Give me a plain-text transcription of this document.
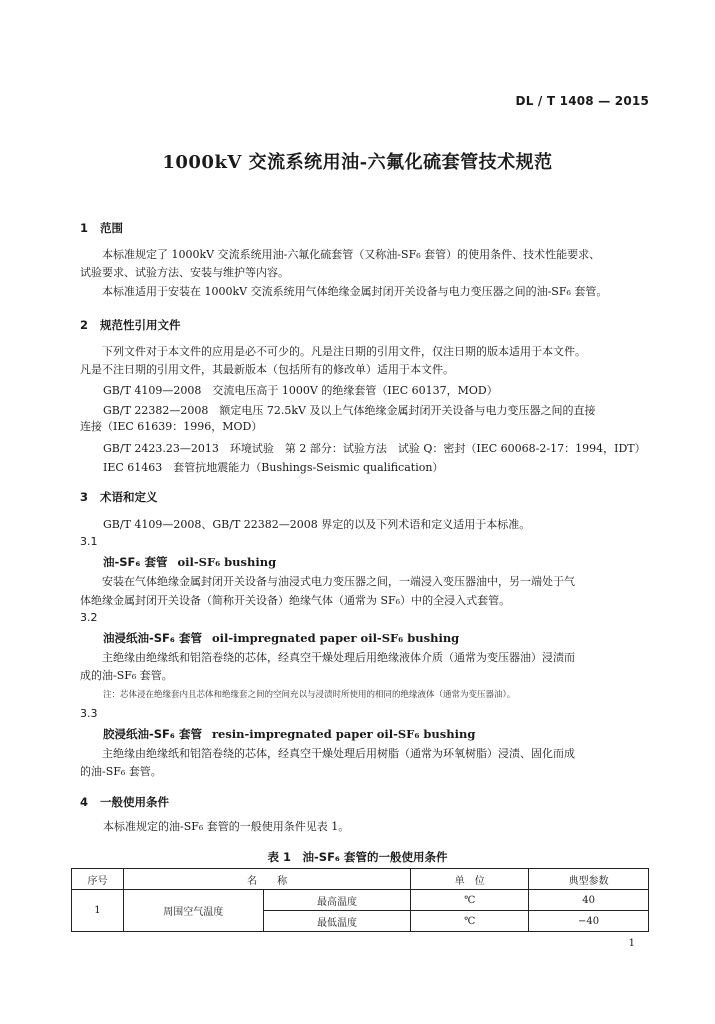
DL / T 1408 — 2015
1000kV 交流系统用油-六氟化硫套管技术规范
1 范围
本标准规定了 1000kV 交流系统用油-六氟化硫套管（又称油-SF₆ 套管）的使用条件、技术性能要求、
试验要求、试验方法、安装与维护等内容。
本标准适用于安装在 1000kV 交流系统用气体绝缘金属封闭开关设备与电力变压器之间的油-SF₆ 套管。
2 规范性引用文件
下列文件对于本文件的应用是必不可少的。凡是注日期的引用文件，仅注日期的版本适用于本文件。
凡是不注日期的引用文件，其最新版本（包括所有的修改单）适用于本文件。
GB/T 4109—2008　交流电压高于 1000V 的绝缘套管（IEC 60137，MOD）
GB/T 22382—2008　额定电压 72.5kV 及以上气体绝缘金属封闭开关设备与电力变压器之间的直接
连接（IEC 61639：1996，MOD）
GB/T 2423.23—2013　环境试验　第 2 部分：试验方法　试验 Q：密封（IEC 60068-2-17：1994，IDT）
IEC 61463　套管抗地震能力（Bushings-Seismic qualification）
3 术语和定义
GB/T 4109—2008、GB/T 22382—2008 界定的以及下列术语和定义适用于本标准。
3.1
油-SF₆ 套管 oil-SF₆ bushing
安装在气体绝缘金属封闭开关设备与油浸式电力变压器之间，一端浸入变压器油中，另一端处于气
体绝缘金属封闭开关设备（简称开关设备）绝缘气体（通常为 SF₆）中的全浸入式套管。
3.2
油浸纸油-SF₆ 套管 oil-impregnated paper oil-SF₆ bushing
主绝缘由绝缘纸和铝箔卷绕的芯体，经真空干燥处理后用绝缘液体介质（通常为变压器油）浸渍而
成的油-SF₆ 套管。
注：芯体浸在绝缘套内且芯体和绝缘套之间的空间充以与浸渍时所使用的相同的绝缘液体（通常为变压器油）。
3.3
胶浸纸油-SF₆ 套管 resin-impregnated paper oil-SF₆ bushing
主绝缘由绝缘纸和铝箔卷绕的芯体，经真空干燥处理后用树脂（通常为环氧树脂）浸渍、固化而成
的油-SF₆ 套管。
4 一般使用条件
本标准规定的油-SF₆ 套管的一般使用条件见表 1。
表 1　油-SF₆ 套管的一般使用条件
序号	名　　称		单　位	典型参数
1	周围空气温度	最高温度	℃	40
		最低温度	℃	−40
1
